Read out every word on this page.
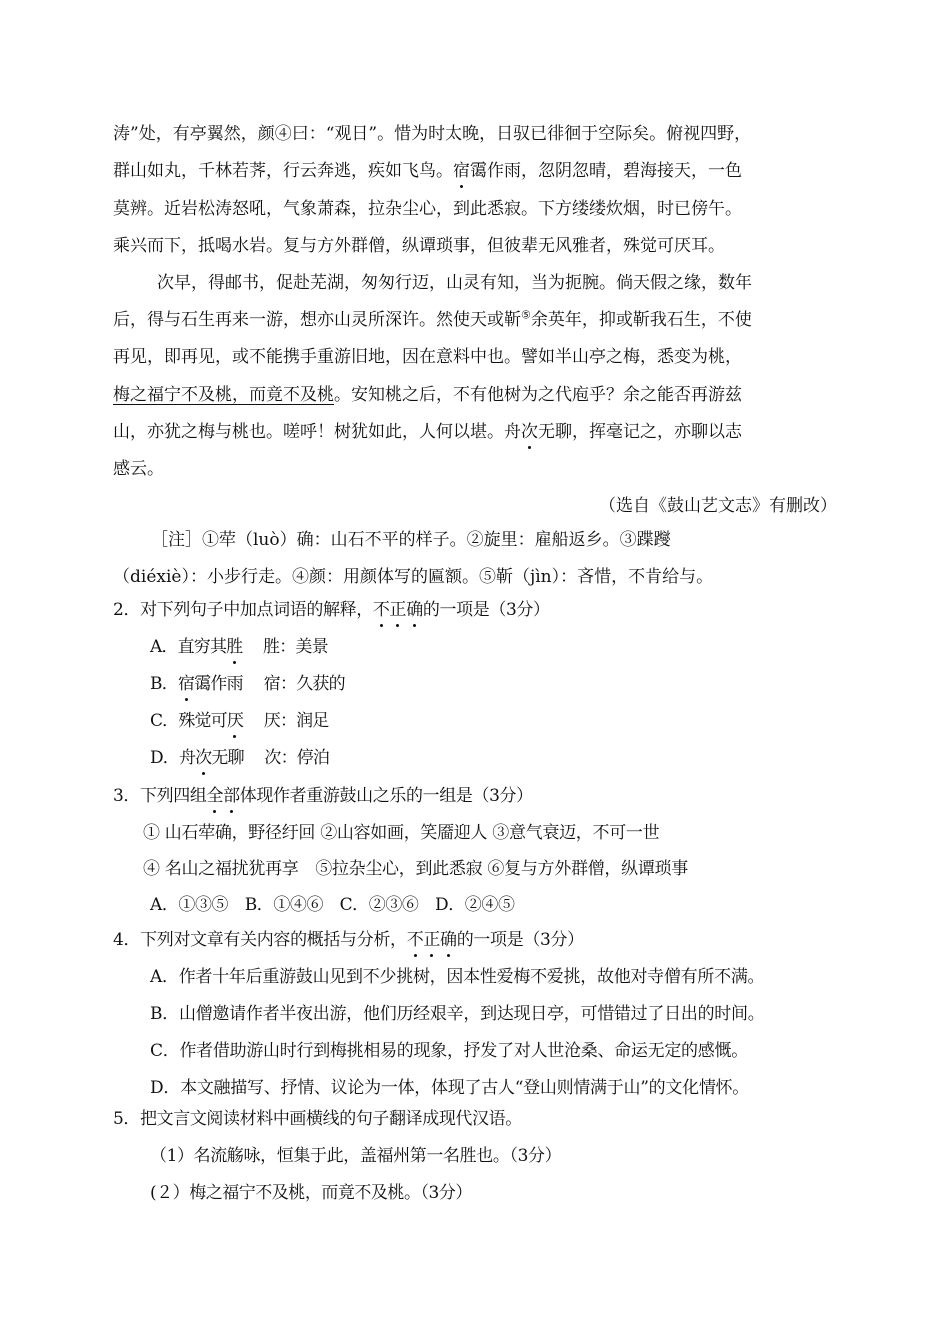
涛”处，有亭翼然，颜④曰：“观日”。惜为时太晚，日驭已徘徊于空际矣。俯视四野，
群山如丸，千林若荠，行云奔逃，疾如飞鸟。宿霭作雨，忽阴忽晴，碧海接天，一色
莫辨。近岩松涛怒吼，气象萧森，拉杂尘心，到此悉寂。下方缕缕炊烟，时已傍午。
乘兴而下，抵喝水岩。复与方外群僧，纵谭琐事，但彼辈无风雅者，殊觉可厌耳。
次早，得邮书，促赴芜湖，匆匆行迈，山灵有知，当为扼腕。倘天假之缘，数年
后，得与石生再来一游，想亦山灵所深许。然使天或靳⑤余英年，抑或靳我石生，不使
再见，即再见，或不能携手重游旧地，因在意料中也。譬如半山亭之梅，悉变为桃，
梅之福宁不及桃，而竟不及桃。安知桃之后，不有他树为之代庖乎？余之能否再游兹
山，亦犹之梅与桃也。嗟呼！树犹如此，人何以堪。舟次无聊，挥毫记之，亦聊以志
感云。
（选自《鼓山艺文志》有删改）
［注］①荦（luò）确：山石不平的样子。②旋里：雇船返乡。③蹀躞
（diéxiè）：小步行走。④颜：用颜体写的匾额。⑤靳（jìn）：吝惜，不肯给与。
2．对下列句子中加点词语的解释，不正确的一项是（3分）
A．直穷其胜　 胜：美景
B．宿霭作雨　 宿：久获的
C．殊觉可厌　 厌：润足
D．舟次无聊　 次：停泊
3．下列四组全部体现作者重游鼓山之乐的一组是（3分）
① 山石荦确，野径纡回 ②山容如画，笑靥迎人 ③意气衰迈，不可一世
④ 名山之福扰犹再享　⑤拉杂尘心，到此悉寂 ⑥复与方外群僧，纵谭琐事
A．①③⑤　B．①④⑥　C．②③⑥　D．②④⑤
4．下列对文章有关内容的概括与分析，不正确的一项是（3分）
A．作者十年后重游鼓山见到不少挑树，因本性爱梅不爱挑，故他对寺僧有所不满。
B．山僧邀请作者半夜出游，他们历经艰辛，到达现日亭，可惜错过了日出的时间。
C．作者借助游山时行到梅挑相易的现象，抒发了对人世沧桑、命运无定的感慨。
D．本文融描写、抒情、议论为一体，体现了古人“登山则情满于山”的文化情怀。
5．把文言文阅读材料中画横线的句子翻译成现代汉语。
（1）名流觞咏，恒集于此，盖福州第一名胜也。（3分）
(２）梅之福宁不及桃，而竟不及桃。（3分）
